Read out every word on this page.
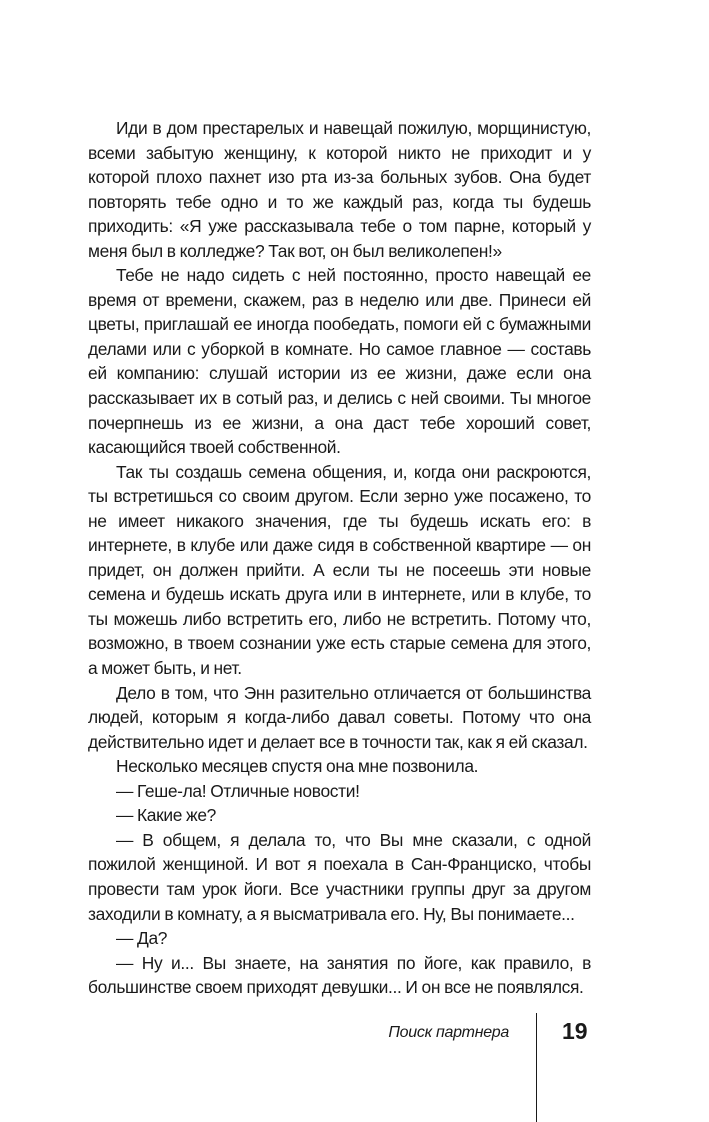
Иди в дом престарелых и навещай пожилую, морщинистую, всеми забытую женщину, к которой никто не приходит и у которой плохо пахнет изо рта из-за больных зубов. Она будет повторять тебе одно и то же каждый раз, когда ты будешь приходить: «Я уже рассказывала тебе о том парне, который у меня был в колледже? Так вот, он был великолепен!»

Тебе не надо сидеть с ней постоянно, просто навещай ее время от времени, скажем, раз в неделю или две. Принеси ей цветы, приглашай ее иногда пообедать, помоги ей с бумажными делами или с уборкой в комнате. Но самое главное — составь ей компанию: слушай истории из ее жизни, даже если она рассказывает их в сотый раз, и делись с ней своими. Ты многое почерпнешь из ее жизни, а она даст тебе хороший совет, касающийся твоей собственной.

Так ты создашь семена общения, и, когда они раскроются, ты встретишься со своим другом. Если зерно уже посажено, то не имеет никакого значения, где ты будешь искать его: в интернете, в клубе или даже сидя в собственной квартире — он придет, он должен прийти. А если ты не посеешь эти новые семена и будешь искать друга или в интернете, или в клубе, то ты можешь либо встретить его, либо не встретить. Потому что, возможно, в твоем сознании уже есть старые семена для этого, а может быть, и нет.

Дело в том, что Энн разительно отличается от большинства людей, которым я когда-либо давал советы. Потому что она действительно идет и делает все в точности так, как я ей сказал.

Несколько месяцев спустя она мне позвонила.

— Геше-ла! Отличные новости!

— Какие же?

— В общем, я делала то, что Вы мне сказали, с одной пожилой женщиной. И вот я поехала в Сан-Франциско, чтобы провести там урок йоги. Все участники группы друг за другом заходили в комнату, а я высматривала его. Ну, Вы понимаете...

— Да?

— Ну и... Вы знаете, на занятия по йоге, как правило, в большинстве своем приходят девушки... И он все не появлялся.

Поиск партнера 19
